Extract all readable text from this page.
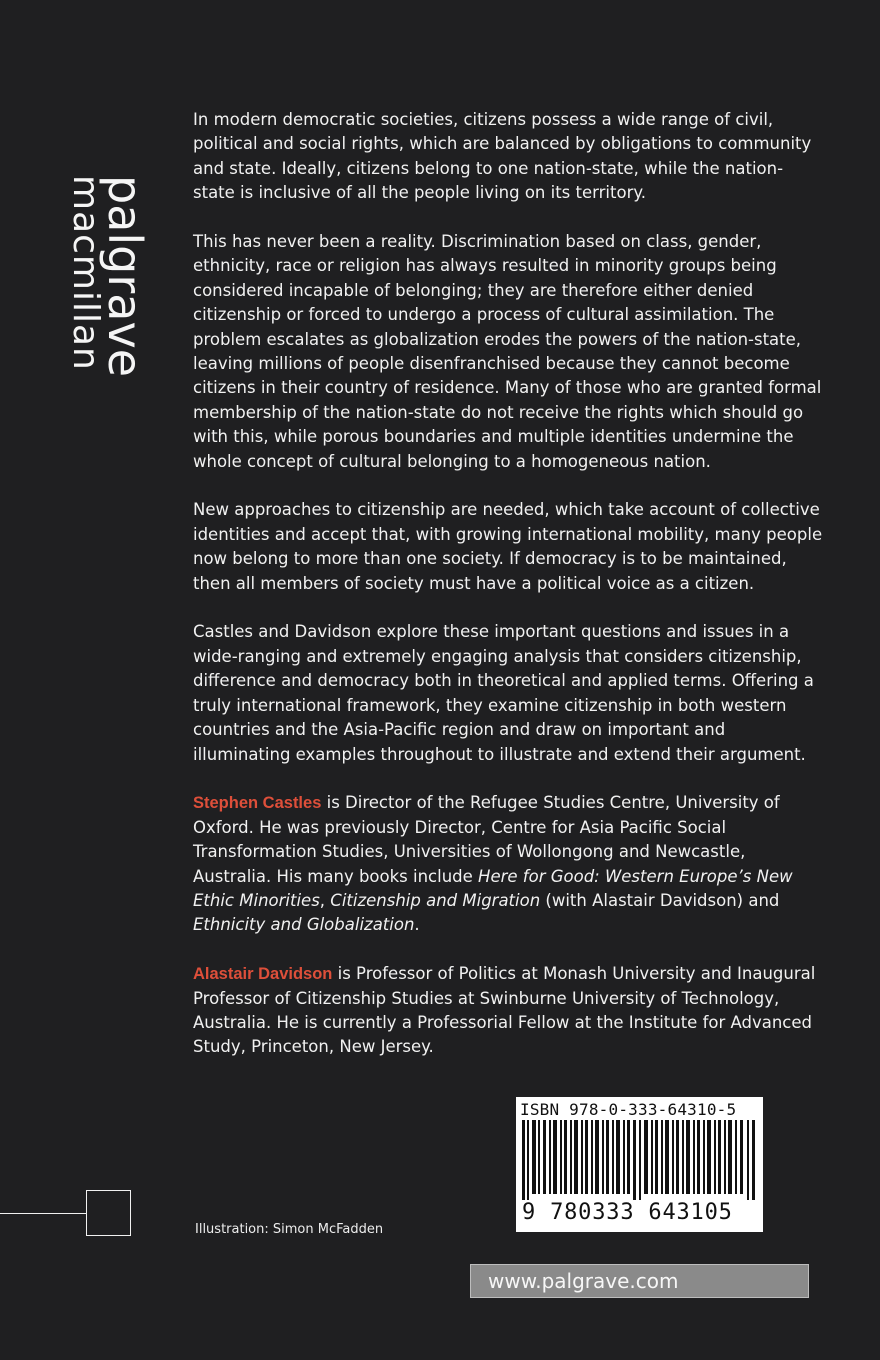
palgrave
macmillan

In modern democratic societies, citizens possess a wide range of civil, political and social rights, which are balanced by obligations to community and state. Ideally, citizens belong to one nation-state, while the nation-state is inclusive of all the people living on its territory.

This has never been a reality. Discrimination based on class, gender, ethnicity, race or religion has always resulted in minority groups being considered incapable of belonging; they are therefore either denied citizenship or forced to undergo a process of cultural assimilation. The problem escalates as globalization erodes the powers of the nation-state, leaving millions of people disenfranchised because they cannot become citizens in their country of residence. Many of those who are granted formal membership of the nation-state do not receive the rights which should go with this, while porous boundaries and multiple identities undermine the whole concept of cultural belonging to a homogeneous nation.

New approaches to citizenship are needed, which take account of collective identities and accept that, with growing international mobility, many people now belong to more than one society. If democracy is to be maintained, then all members of society must have a political voice as a citizen.

Castles and Davidson explore these important questions and issues in a wide-ranging and extremely engaging analysis that considers citizenship, difference and democracy both in theoretical and applied terms. Offering a truly international framework, they examine citizenship in both western countries and the Asia-Pacific region and draw on important and illuminating examples throughout to illustrate and extend their argument.

Stephen Castles is Director of the Refugee Studies Centre, University of Oxford. He was previously Director, Centre for Asia Pacific Social Transformation Studies, Universities of Wollongong and Newcastle, Australia. His many books include Here for Good: Western Europe’s New Ethic Minorities, Citizenship and Migration (with Alastair Davidson) and Ethnicity and Globalization.
Alastair Davidson is Professor of Politics at Monash University and Inaugural Professor of Citizenship Studies at Swinburne University of Technology, Australia. He is currently a Professorial Fellow at the Institute for Advanced Study, Princeton, New Jersey.
Illustration: Simon McFadden
ISBN 978-0-333-64310-5
9 780333 643105
www.palgrave.com
